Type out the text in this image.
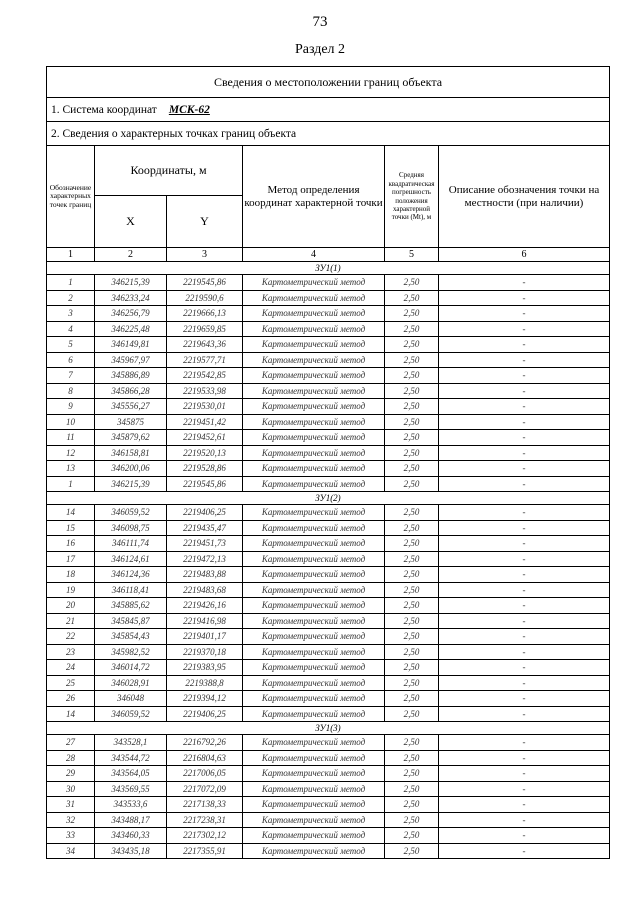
73
Раздел 2
Сведения о местоположении границ объекта					
1. Система координат МСК-62					
2. Сведения о характерных точках границ объекта					
Обозначение характерных точек границ	Координаты, м		Метод определения координат характерной точки	Средняя квадратическая погрешность положения характерной точки (Mt), м	Описание обозначения точки на местности (при наличии)
	X	Y			
1	2	3	4	5	6
ЗУ1(1)					
1	346215,39	2219545,86	Картометрический метод	2,50	-
2	346233,24	2219590,6	Картометрический метод	2,50	-
3	346256,79	2219666,13	Картометрический метод	2,50	-
4	346225,48	2219659,85	Картометрический метод	2,50	-
5	346149,81	2219643,36	Картометрический метод	2,50	-
6	345967,97	2219577,71	Картометрический метод	2,50	-
7	345886,89	2219542,85	Картометрический метод	2,50	-
8	345866,28	2219533,98	Картометрический метод	2,50	-
9	345556,27	2219530,01	Картометрический метод	2,50	-
10	345875	2219451,42	Картометрический метод	2,50	-
11	345879,62	2219452,61	Картометрический метод	2,50	-
12	346158,81	2219520,13	Картометрический метод	2,50	-
13	346200,06	2219528,86	Картометрический метод	2,50	-
1	346215,39	2219545,86	Картометрический метод	2,50	-
ЗУ1(2)					
14	346059,52	2219406,25	Картометрический метод	2,50	-
15	346098,75	2219435,47	Картометрический метод	2,50	-
16	346111,74	2219451,73	Картометрический метод	2,50	-
17	346124,61	2219472,13	Картометрический метод	2,50	-
18	346124,36	2219483,88	Картометрический метод	2,50	-
19	346118,41	2219483,68	Картометрический метод	2,50	-
20	345885,62	2219426,16	Картометрический метод	2,50	-
21	345845,87	2219416,98	Картометрический метод	2,50	-
22	345854,43	2219401,17	Картометрический метод	2,50	-
23	345982,52	2219370,18	Картометрический метод	2,50	-
24	346014,72	2219383,95	Картометрический метод	2,50	-
25	346028,91	2219388,8	Картометрический метод	2,50	-
26	346048	2219394,12	Картометрический метод	2,50	-
14	346059,52	2219406,25	Картометрический метод	2,50	-
ЗУ1(3)					
27	343528,1	2216792,26	Картометрический метод	2,50	-
28	343544,72	2216804,63	Картометрический метод	2,50	-
29	343564,05	2217006,05	Картометрический метод	2,50	-
30	343569,55	2217072,09	Картометрический метод	2,50	-
31	343533,6	2217138,33	Картометрический метод	2,50	-
32	343488,17	2217238,31	Картометрический метод	2,50	-
33	343460,33	2217302,12	Картометрический метод	2,50	-
34	343435,18	2217355,91	Картометрический метод	2,50	-
